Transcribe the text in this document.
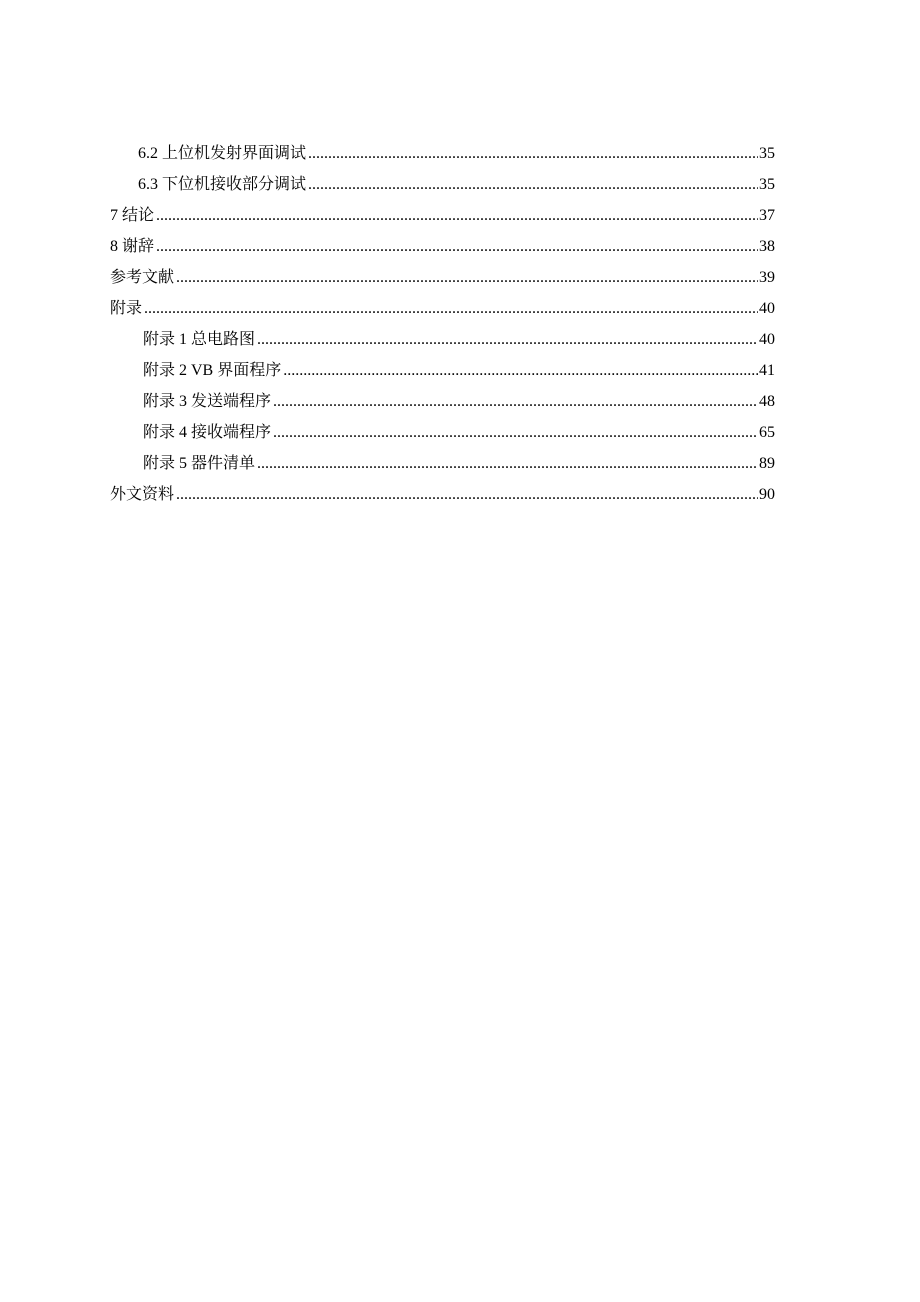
6.2 上位机发射界面调试 .....	35
6.3 下位机接收部分调试 .....	35
7 结论 .....	37
8 谢辞 .....	38
参考文献 .....	39
附录 .....	40
附录 1 总电路图 .....	40
附录 2 VB 界面程序 .....	41
附录 3 发送端程序 .....	48
附录 4 接收端程序 .....	65
附录 5 器件清单 .....	89
外文资料 .....	90
